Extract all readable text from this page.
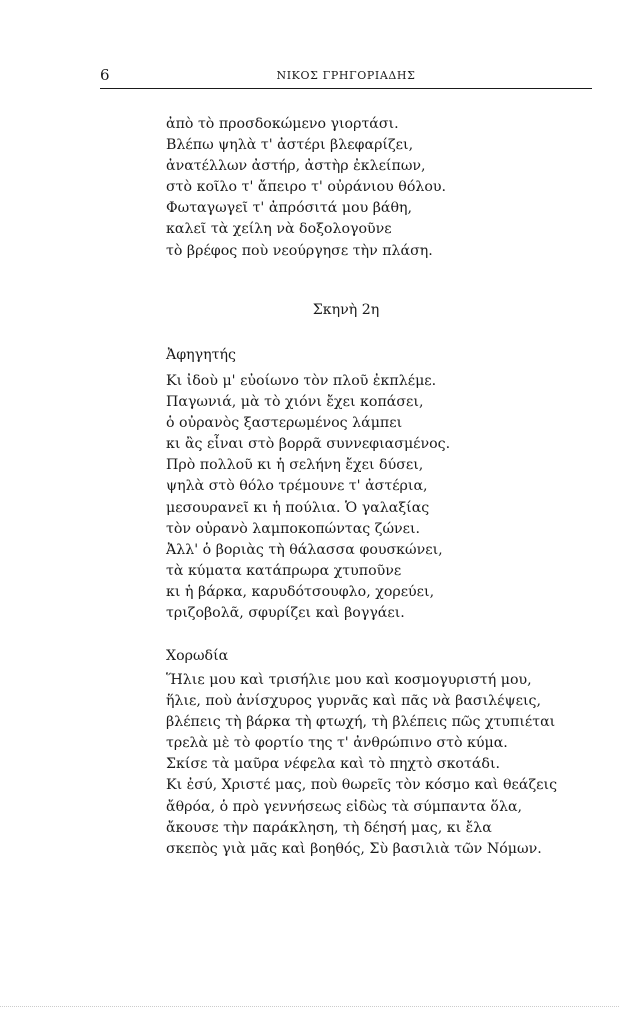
6	ΝΙΚΟΣ ΓΡΗΓΟΡΙΑΔΗΣ
ἀπὸ τὸ προσδοκώμενο γιορτάσι.
Βλέπω ψηλὰ τ' ἀστέρι βλεφαρίζει,
ἀνατέλλων ἀστήρ, ἀστὴρ ἐκλείπων,
στὸ κοῖλο τ' ἄπειρο τ' οὐράνιου θόλου.
Φωταγωγεῖ τ' ἀπρόσιτά μου βάθη,
καλεῖ τὰ χείλη νὰ δοξολογοῦνε
τὸ βρέφος ποὺ νεούργησε τὴν πλάση.
Σκηνὴ 2η
Ἀφηγητής
Κι ἰδοὺ μ' εὐοίωνο τὸν πλοῦ ἐκπλέμε.
Παγωνιά, μὰ τὸ χιόνι ἔχει κοπάσει,
ὁ οὐρανὸς ξαστερωμένος λάμπει
κι ἂς εἶναι στὸ βορρᾶ συννεφιασμένος.
Πρὸ πολλοῦ κι ἡ σελήνη ἔχει δύσει,
ψηλὰ στὸ θόλο τρέμουνε τ' ἀστέρια,
μεσουρανεῖ κι ἡ πούλια. Ὁ γαλαξίας
τὸν οὐρανὸ λαμποκοπώντας ζώνει.
Ἀλλ' ὁ βοριὰς τὴ θάλασσα φουσκώνει,
τὰ κύματα κατάπρωρα χτυποῦνε
κι ἡ βάρκα, καρυδότσουφλο, χορεύει,
τριζοβολᾶ, σφυρίζει καὶ βογγάει.
Χορωδία
Ἥλιε μου καὶ τρισήλιε μου καὶ κοσμογυριστή μου,
ἥλιε, ποὺ ἀνίσχυρος γυρνᾶς καὶ πᾶς νὰ βασιλέψεις,
βλέπεις τὴ βάρκα τὴ φτωχή, τὴ βλέπεις πῶς χτυπιέται
τρελὰ μὲ τὸ φορτίο της τ' ἀνθρώπινο στὸ κύμα.
Σκίσε τὰ μαῦρα νέφελα καὶ τὸ πηχτὸ σκοτάδι.
Κι ἐσύ, Χριστέ μας, ποὺ θωρεῖς τὸν κόσμο καὶ θεάζεις
ἄθρόα, ὁ πρὸ γεννήσεως εἰδὼς τὰ σύμπαντα ὅλα,
ἄκουσε τὴν παράκληση, τὴ δέησή μας, κι ἔλα
σκεπὸς γιὰ μᾶς καὶ βοηθός, Σὺ βασιλιὰ τῶν Νόμων.
